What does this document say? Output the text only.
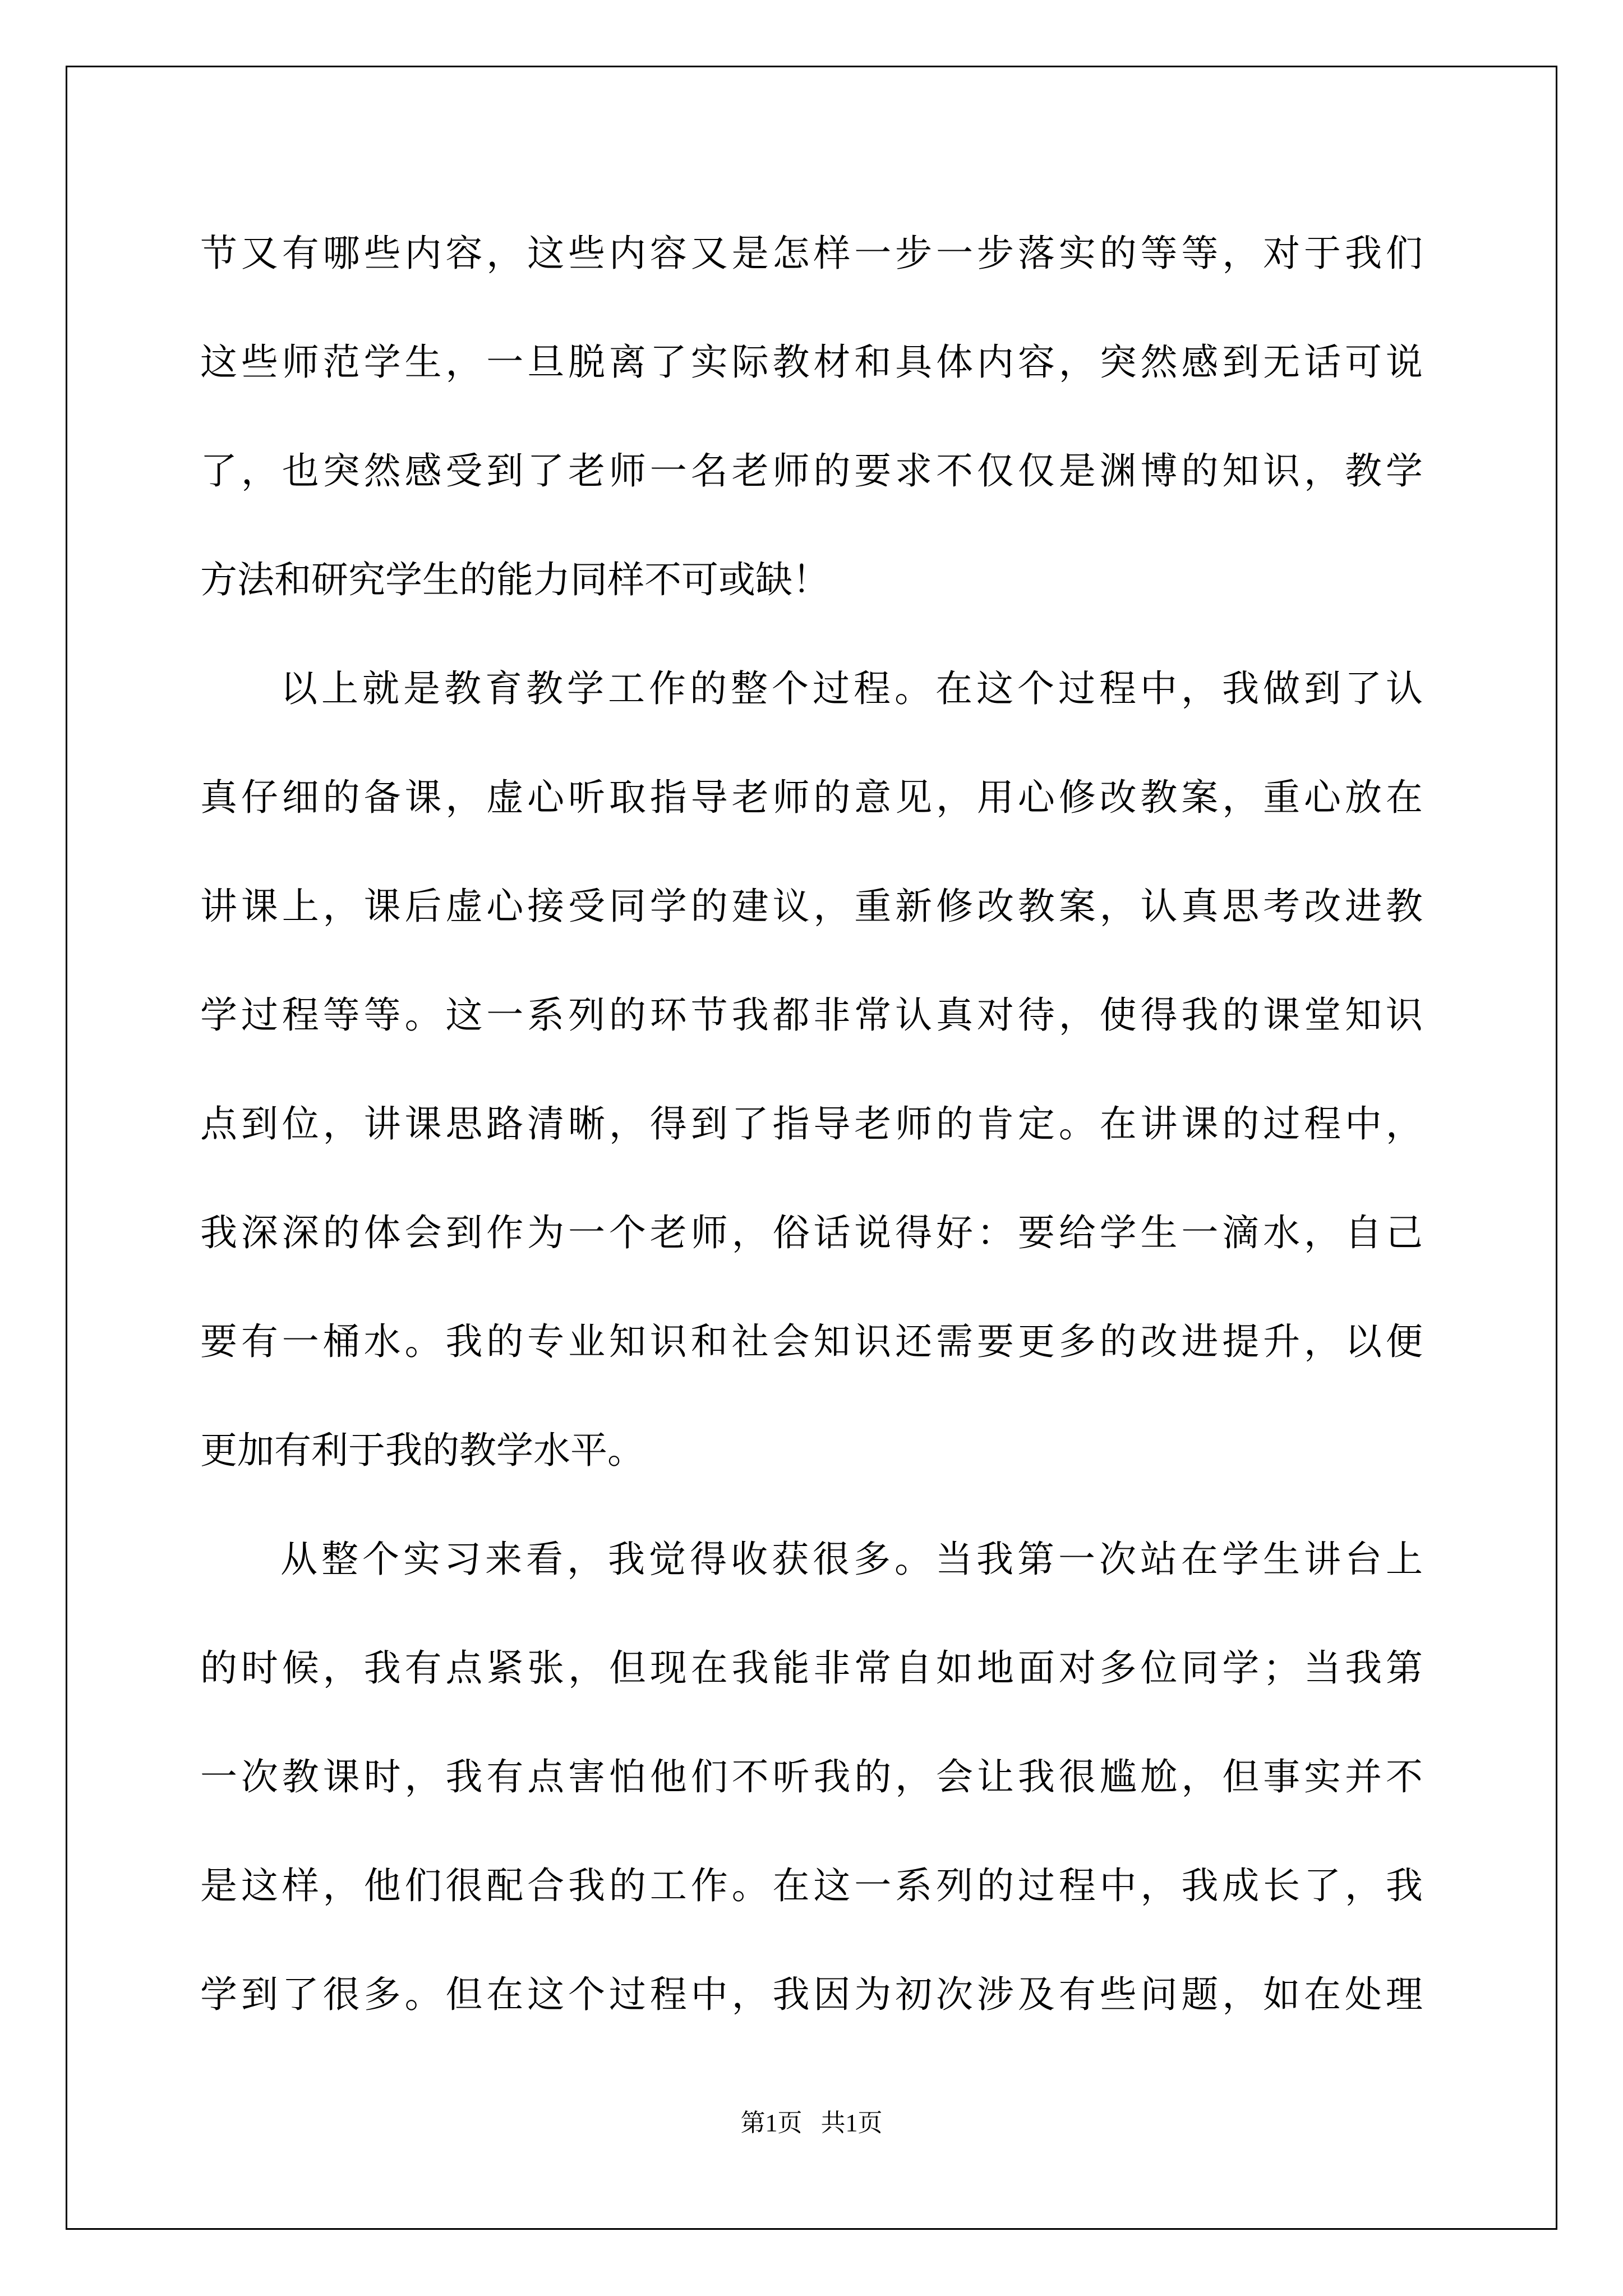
节 又 有 哪 些 内 容 ， 这 些 内 容 又 是 怎 样 一 步 一 步 落 实 的 等 等 ， 对 于 我 们
这 些 师 范 学 生 ， 一 旦 脱 离 了 实 际 教 材 和 具 体 内 容 ， 突 然 感 到 无 话 可 说
了 ， 也 突 然 感 受 到 了 老 师 一 名 老 师 的 要 求 不 仅 仅 是 渊 博 的 知 识 ， 教 学
方法和研究学生的能力同样不可或缺！
以 上 就 是 教 育 教 学 工 作 的 整 个 过 程 。 在 这 个 过 程 中 ， 我 做 到 了 认
真 仔 细 的 备 课 ， 虚 心 听 取 指 导 老 师 的 意 见 ， 用 心 修 改 教 案 ， 重 心 放 在
讲 课 上 ， 课 后 虚 心 接 受 同 学 的 建 议 ， 重 新 修 改 教 案 ， 认 真 思 考 改 进 教
学 过 程 等 等 。 这 一 系 列 的 环 节 我 都 非 常 认 真 对 待 ， 使 得 我 的 课 堂 知 识
点 到 位 ， 讲 课 思 路 清 晰 ， 得 到 了 指 导 老 师 的 肯 定 。 在 讲 课 的 过 程 中 ，
我 深 深 的 体 会 到 作 为 一 个 老 师 ， 俗 话 说 得 好 ： 要 给 学 生 一 滴 水 ， 自 己
要 有 一 桶 水 。 我 的 专 业 知 识 和 社 会 知 识 还 需 要 更 多 的 改 进 提 升 ， 以 便
更加有利于我的教学水平。
从 整 个 实 习 来 看 ， 我 觉 得 收 获 很 多 。 当 我 第 一 次 站 在 学 生 讲 台 上
的 时 候 ， 我 有 点 紧 张 ， 但 现 在 我 能 非 常 自 如 地 面 对 多 位 同 学 ； 当 我 第
一 次 教 课 时 ， 我 有 点 害 怕 他 们 不 听 我 的 ， 会 让 我 很 尴 尬 ， 但 事 实 并 不
是 这 样 ， 他 们 很 配 合 我 的 工 作 。 在 这 一 系 列 的 过 程 中 ， 我 成 长 了 ， 我
学 到 了 很 多 。 但 在 这 个 过 程 中 ， 我 因 为 初 次 涉 及 有 些 问 题 ， 如 在 处 理
第1页   共1页
